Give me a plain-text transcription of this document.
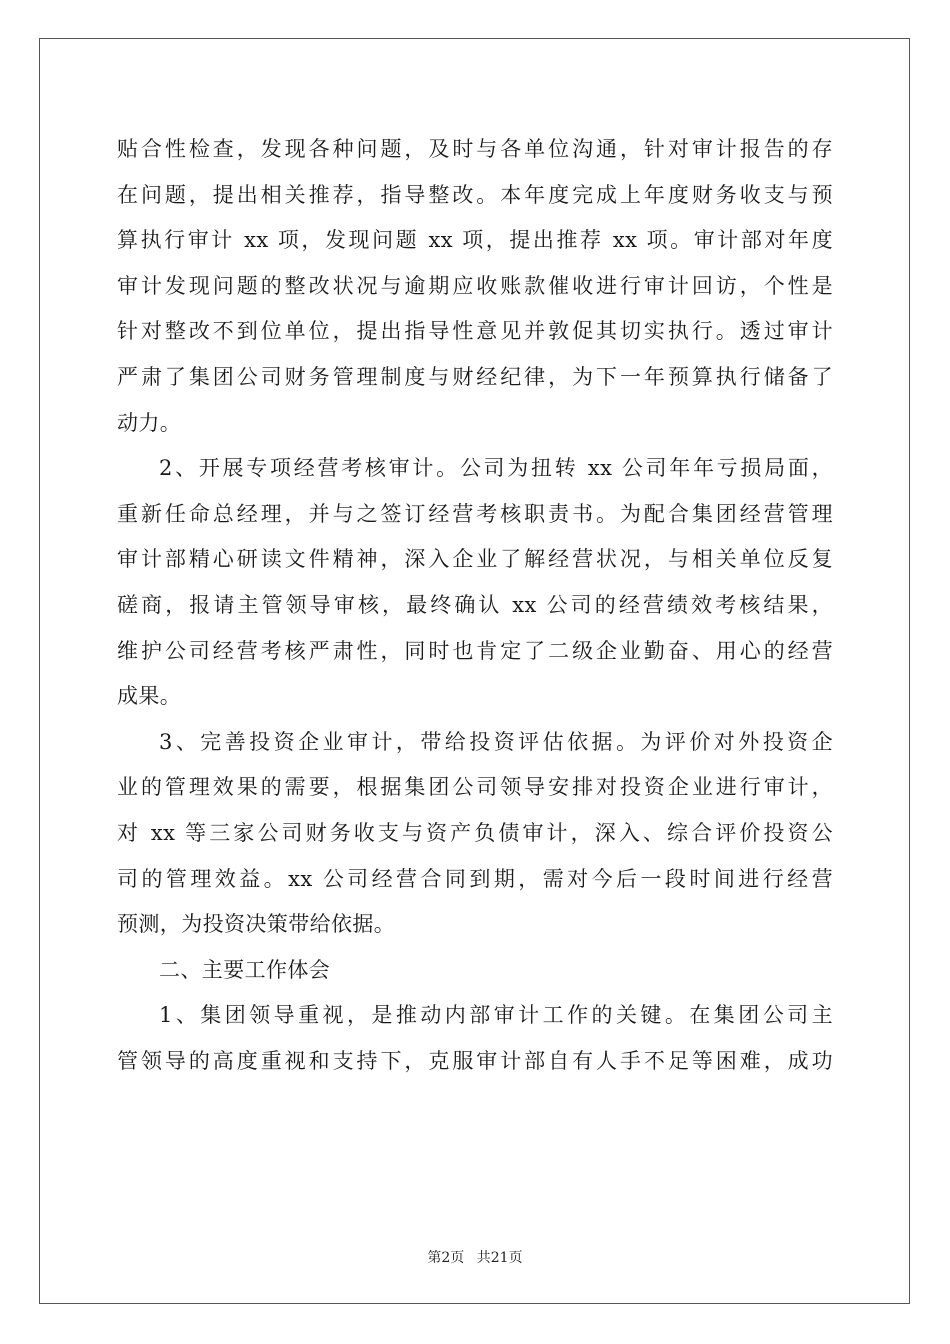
贴合性检查，发现各种问题，及时与各单位沟通，针对审计报告的存
在问题，提出相关推荐，指导整改。本年度完成上年度财务收支与预
算执行审计 xx 项，发现问题 xx 项，提出推荐 xx 项。审计部对年度
审计发现问题的整改状况与逾期应收账款催收进行审计回访，个性是
针对整改不到位单位，提出指导性意见并敦促其切实执行。透过审计
严肃了集团公司财务管理制度与财经纪律，为下一年预算执行储备了
动力。
2、开展专项经营考核审计。公司为扭转 xx 公司年年亏损局面，
重新任命总经理，并与之签订经营考核职责书。为配合集团经营管理
审计部精心研读文件精神，深入企业了解经营状况，与相关单位反复
磋商，报请主管领导审核，最终确认 xx 公司的经营绩效考核结果，
维护公司经营考核严肃性，同时也肯定了二级企业勤奋、用心的经营
成果。
3、完善投资企业审计，带给投资评估依据。为评价对外投资企
业的管理效果的需要，根据集团公司领导安排对投资企业进行审计，
对 xx 等三家公司财务收支与资产负债审计，深入、综合评价投资公
司的管理效益。xx 公司经营合同到期，需对今后一段时间进行经营
预测，为投资决策带给依据。
二、主要工作体会
1、集团领导重视，是推动内部审计工作的关键。在集团公司主
管领导的高度重视和支持下，克服审计部自有人手不足等困难，成功
第2页 共21页
